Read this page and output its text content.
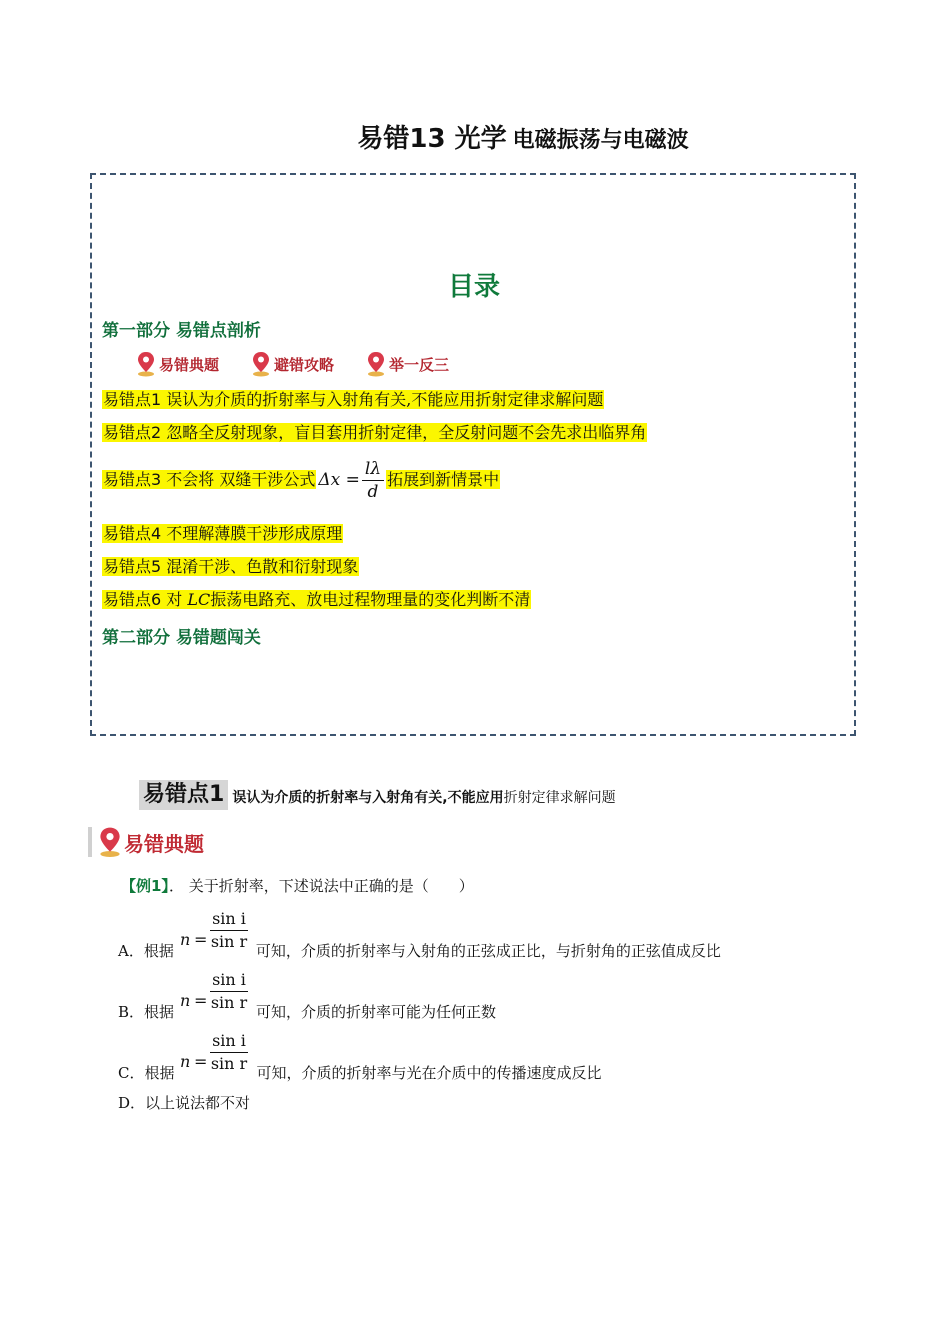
易错13 光学 电磁振荡与电磁波
目录
第一部分 易错点剖析
易错典题	避错攻略	举一反三
易错点1 误认为介质的折射率与入射角有关,不能应用折射定律求解问题
易错点2 忽略全反射现象，盲目套用折射定律，全反射问题不会先求出临界角
易错点3 不会将 双缝干涉公式 $\Delta x = \frac{l\lambda}{d}$ 拓展到新情景中
易错点4 不理解薄膜干涉形成原理
易错点5 混淆干涉、色散和衍射现象
易错点6 对 LC振荡电路充、放电过程物理量的变化判断不清
第二部分 易错题闯关
易错点1 误认为介质的折射率与入射角有关,不能应用折射定律求解问题
易错典题
【例1】． 关于折射率，下述说法中正确的是（　　）
n =
sin i
sin r
A．根据	可知，介质的折射率与入射角的正弦成正比，与折射角的正弦值成反比
n =
sin i
sin r
B．根据	可知，介质的折射率可能为任何正数
n =
sin i
sin r
C．根据	可知，介质的折射率与光在介质中的传播速度成反比
D．以上说法都不对
